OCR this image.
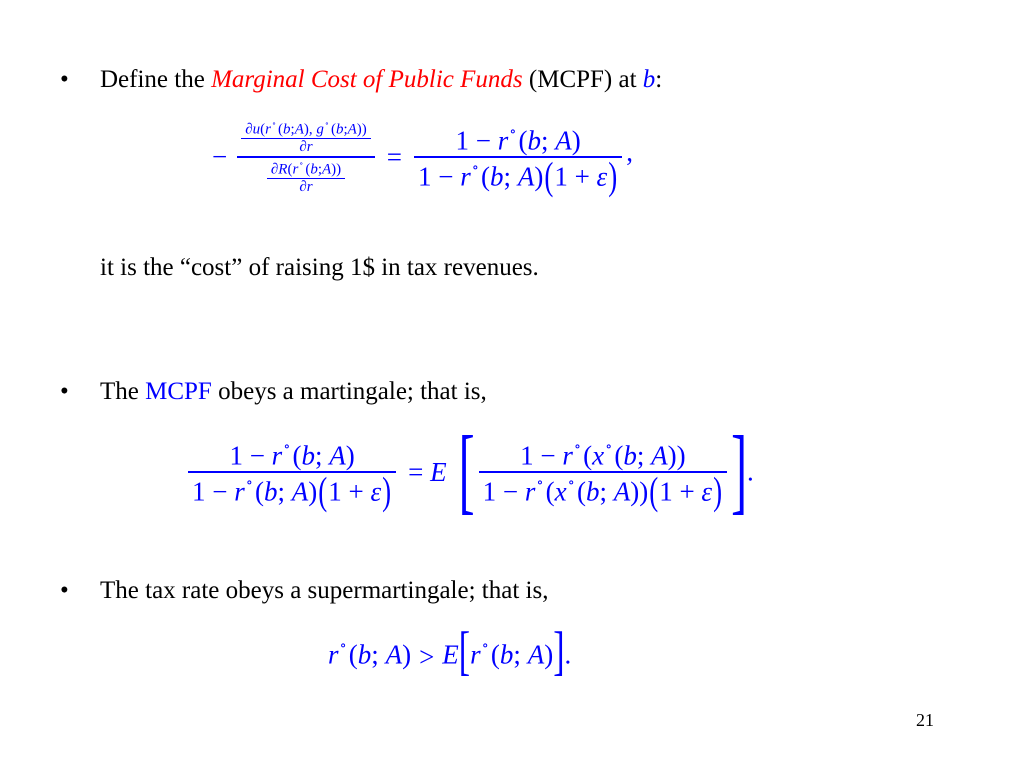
• Define the Marginal Cost of Public Funds (MCPF) at b:
− $\frac{\frac{\partial u(r^\circ (b;A), g^\circ (b;A))}{\partial r}}{\frac{\partial R(r^\circ (b;A))}{\partial r}} = \frac{1 - r^\circ(b; A)}{1 - r^\circ(b; A)(1 + \varepsilon)}$ ,
it is the “cost” of raising 1$ in tax revenues.
• The MCPF obeys a martingale; that is,
$\frac{1 - r^\circ(b; A)}{1 - r^\circ(b; A)(1 + \varepsilon)} = E$ [ $\frac{1 - r^\circ(x^\circ(b; A))}{1 - r^\circ(x^\circ(b; A))(1 + \varepsilon)}$ ].
• The tax rate obeys a supermartingale; that is,
r∘(b; A) > E[r∘(b; A)].
21
